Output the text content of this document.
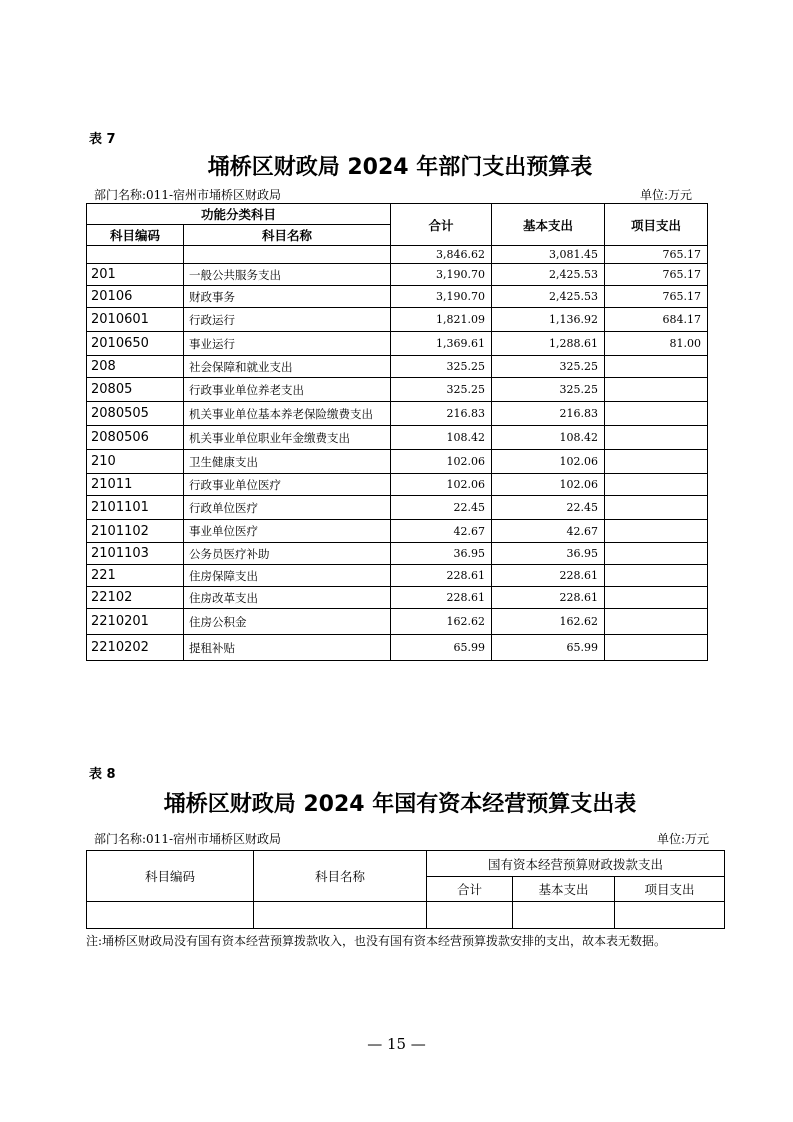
表 7
埇桥区财政局 2024 年部门支出预算表
部门名称:011-宿州市埇桥区财政局	单位:万元
功能分类科目		合计	基本支出	项目支出
科目编码	科目名称			
		3,846.62	3,081.45	765.17
201	一般公共服务支出	3,190.70	2,425.53	765.17
20106	财政事务	3,190.70	2,425.53	765.17
2010601	行政运行	1,821.09	1,136.92	684.17
2010650	事业运行	1,369.61	1,288.61	81.00
208	社会保障和就业支出	325.25	325.25	
20805	行政事业单位养老支出	325.25	325.25	
2080505	机关事业单位基本养老保险缴费支出	216.83	216.83	
2080506	机关事业单位职业年金缴费支出	108.42	108.42	
210	卫生健康支出	102.06	102.06	
21011	行政事业单位医疗	102.06	102.06	
2101101	行政单位医疗	22.45	22.45	
2101102	事业单位医疗	42.67	42.67	
2101103	公务员医疗补助	36.95	36.95	
221	住房保障支出	228.61	228.61	
22102	住房改革支出	228.61	228.61	
2210201	住房公积金	162.62	162.62	
2210202	提租补贴	65.99	65.99	
表 8
埇桥区财政局 2024 年国有资本经营预算支出表
部门名称:011-宿州市埇桥区财政局	单位:万元
科目编码	科目名称	国有资本经营预算财政拨款支出		
		合计	基本支出	项目支出

注:埇桥区财政局没有国有资本经营预算拨款收入，也没有国有资本经营预算拨款安排的支出，故本表无数据。
— 15 —
